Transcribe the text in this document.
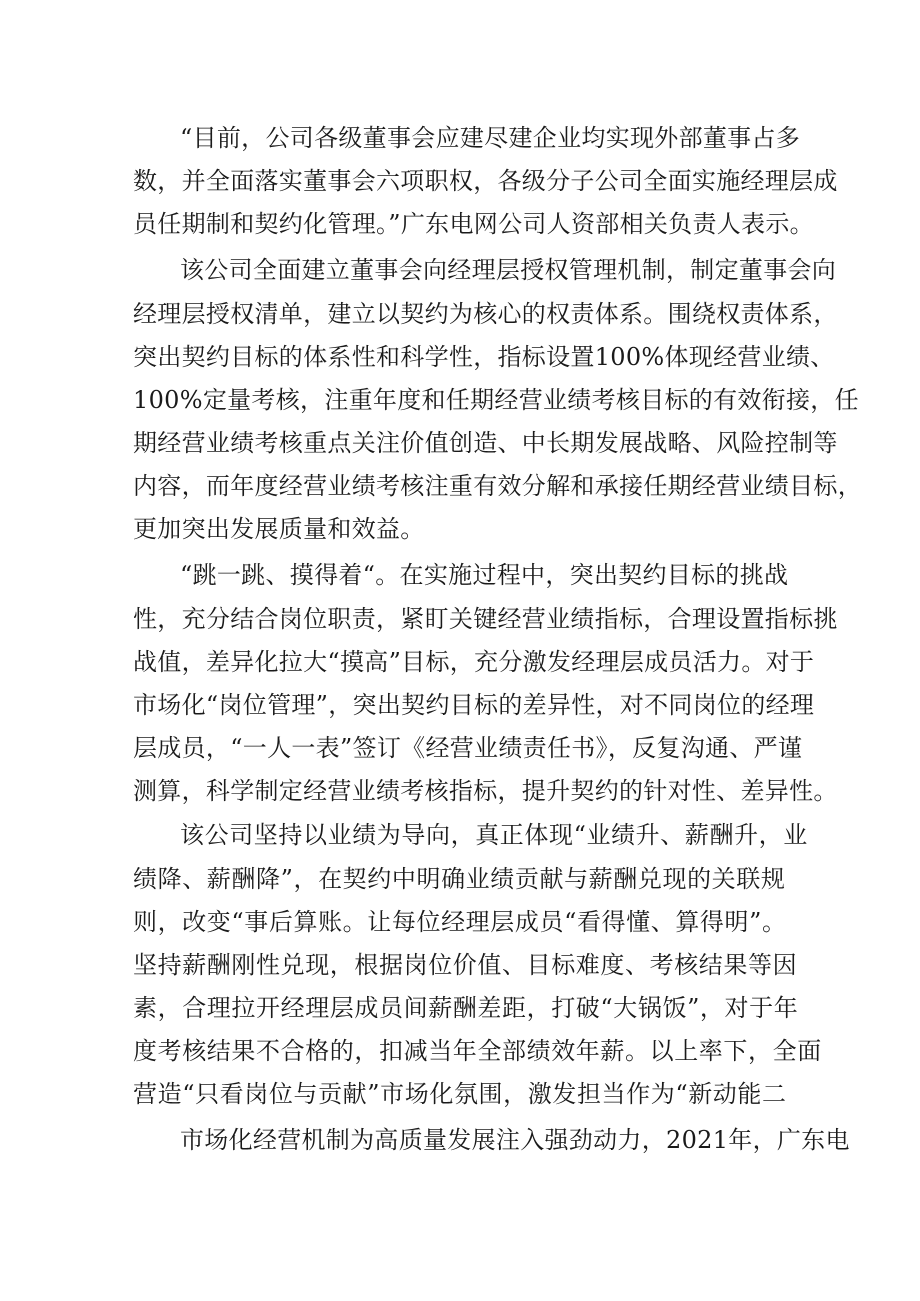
“目前，公司各级董事会应建尽建企业均实现外部董事占多
数，并全面落实董事会六项职权，各级分子公司全面实施经理层成
员任期制和契约化管理。”广东电网公司人资部相关负责人表示。
该公司全面建立董事会向经理层授权管理机制，制定董事会向
经理层授权清单，建立以契约为核心的权责体系。围绕权责体系，
突出契约目标的体系性和科学性，指标设置100%体现经营业绩、
100%定量考核，注重年度和任期经营业绩考核目标的有效衔接，任
期经营业绩考核重点关注价值创造、中长期发展战略、风险控制等
内容，而年度经营业绩考核注重有效分解和承接任期经营业绩目标，
更加突出发展质量和效益。
“跳一跳、摸得着“。在实施过程中，突出契约目标的挑战
性，充分结合岗位职责，紧盯关键经营业绩指标，合理设置指标挑
战值，差异化拉大“摸高”目标，充分激发经理层成员活力。对于
市场化“岗位管理”，突出契约目标的差异性，对不同岗位的经理
层成员，“一人一表”签订《经营业绩责任书》，反复沟通、严谨
测算，科学制定经营业绩考核指标，提升契约的针对性、差异性。
该公司坚持以业绩为导向，真正体现“业绩升、薪酬升，业
绩降、薪酬降”，在契约中明确业绩贡献与薪酬兑现的关联规
则，改变“事后算账。让每位经理层成员“看得懂、算得明”。
坚持薪酬刚性兑现，根据岗位价值、目标难度、考核结果等因
素，合理拉开经理层成员间薪酬差距，打破“大锅饭”，对于年
度考核结果不合格的，扣减当年全部绩效年薪。以上率下，全面
营造“只看岗位与贡献”市场化氛围，激发担当作为“新动能二
市场化经营机制为高质量发展注入强劲动力，2021年，广东电
